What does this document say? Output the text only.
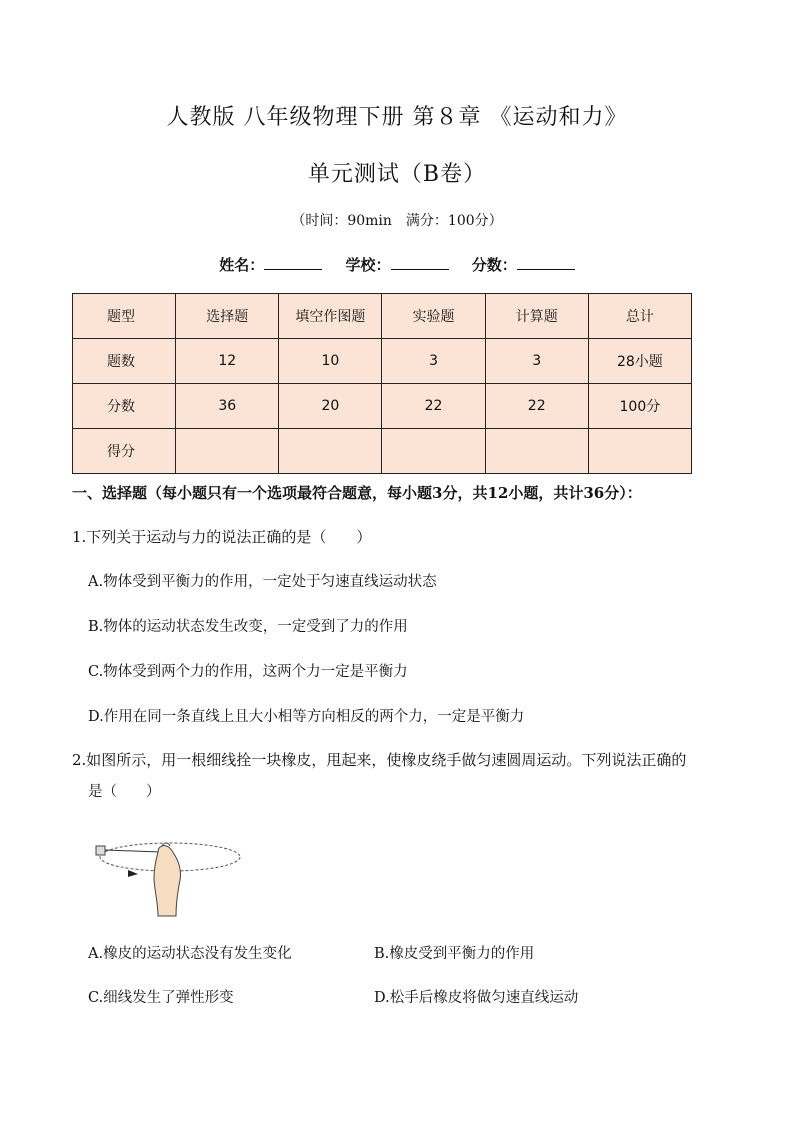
人教版 八年级物理下册 第８章 《运动和力》
单元测试（B卷）
（时间：90min　满分：100分）
姓名：	学校：	分数：
题型	选择题	填空作图题	实验题	计算题	总计
题数	12	10	3	3	28小题
分数	36	20	22	22	100分
得分					
一、选择题（每小题只有一个选项最符合题意，每小题3分，共12小题，共计36分）：
1.下列关于运动与力的说法正确的是（　　）
A.物体受到平衡力的作用，一定处于匀速直线运动状态
B.物体的运动状态发生改变，一定受到了力的作用
C.物体受到两个力的作用，这两个力一定是平衡力
D.作用在同一条直线上且大小相等方向相反的两个力，一定是平衡力
2.如图所示，用一根细线拴一块橡皮，甩起来，使橡皮绕手做匀速圆周运动。下列说法正确的
是（　　）
A.橡皮的运动状态没有发生变化	B.橡皮受到平衡力的作用
C.细线发生了弹性形变	D.松手后橡皮将做匀速直线运动
